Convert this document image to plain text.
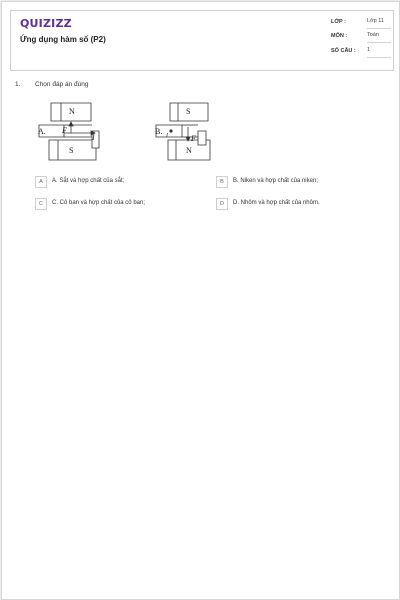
QUIZIZZ
Ứng dụng hàm số (P2)
LỚP :	Lớp 11
MÔN :	Toán
SỐ CÂU : 1
1. Chọn đáp án đúng
N
S
A. F
I
S
N
B.
F
I
A	A. Sắt và hợp chất của sắt;	B	B. Niken và hợp chất của niken;
C	C. Cô ban và hợp chất của cô ban;	D	D. Nhôm và hợp chất của nhôm.
